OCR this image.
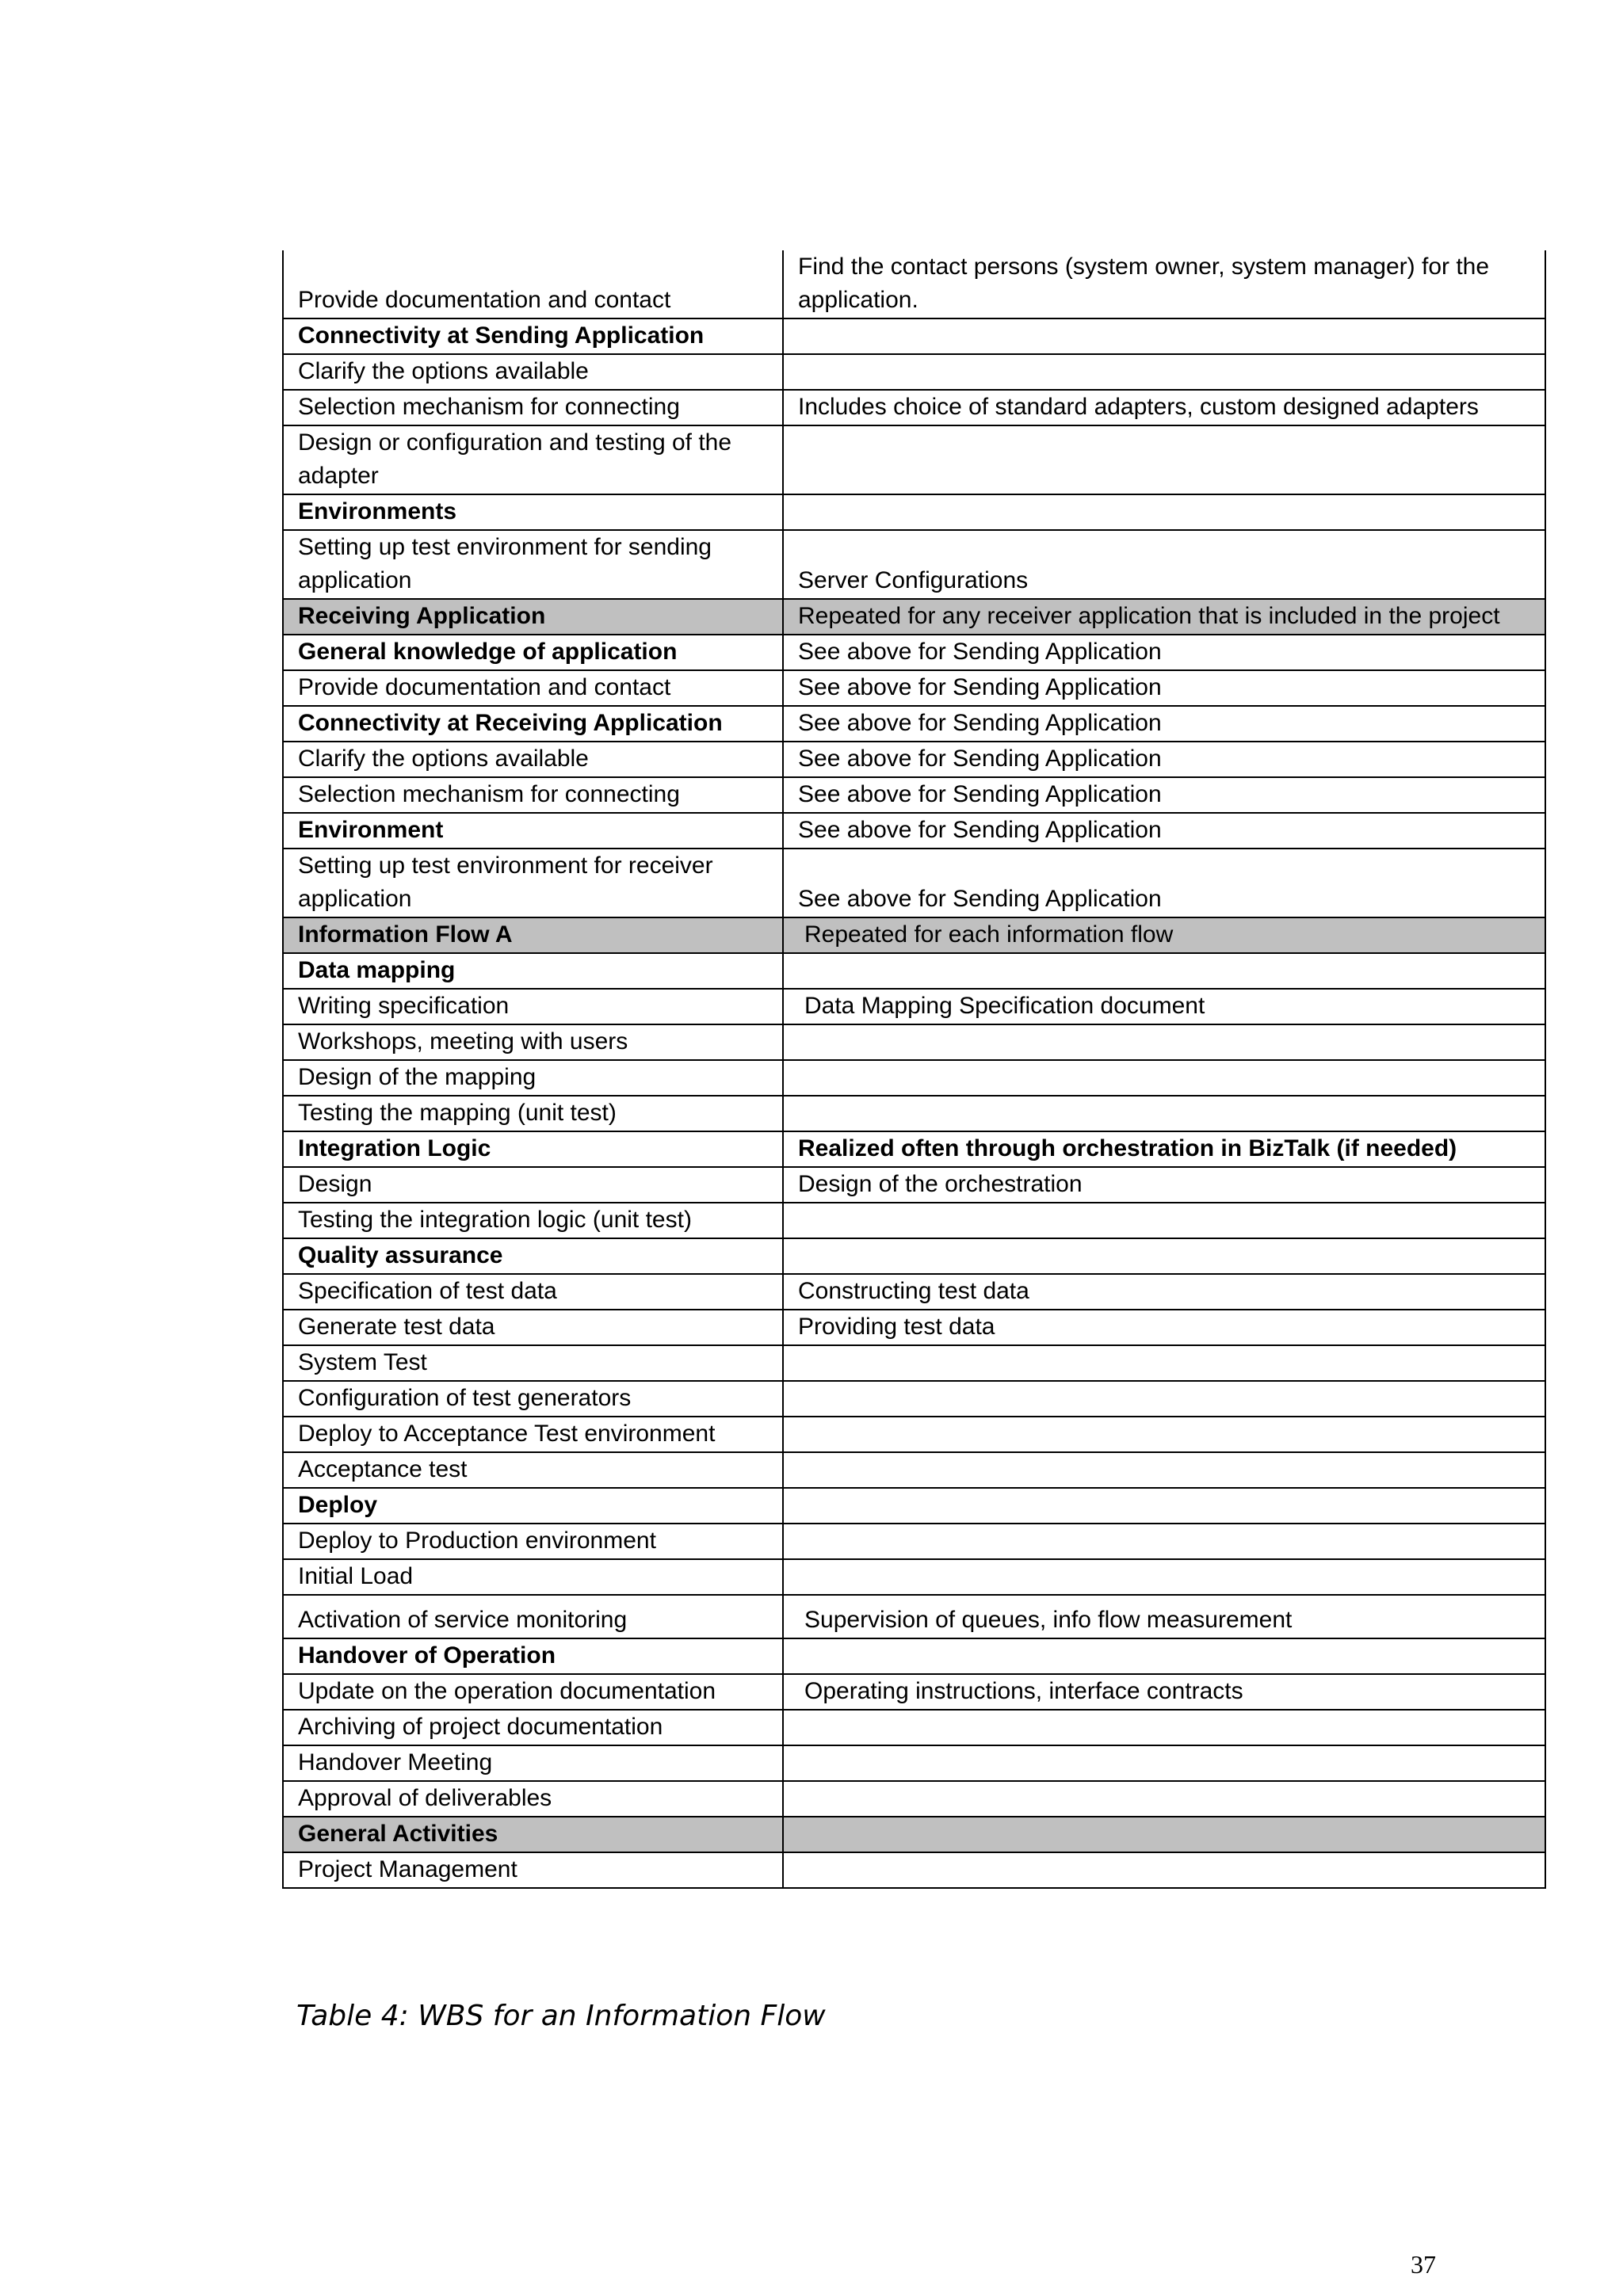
Provide documentation and contact	Find the contact persons (system owner, system manager) for the application.
Connectivity at Sending Application	
Clarify the options available	
Selection mechanism for connecting	Includes choice of standard adapters, custom designed adapters
Design or configuration and testing of the adapter	
Environments	
Setting up test environment for sending application	Server Configurations
Receiving Application	Repeated for any receiver application that is included in the project
General knowledge of application	See above for Sending Application
Provide documentation and contact	See above for Sending Application
Connectivity at Receiving Application	See above for Sending Application
Clarify the options available	See above for Sending Application
Selection mechanism for connecting	See above for Sending Application
Environment	See above for Sending Application
Setting up test environment for receiver application	See above for Sending Application
Information Flow A	Repeated for each information flow
Data mapping	
Writing specification	Data Mapping Specification document
Workshops, meeting with users	
Design of the mapping	
Testing the mapping (unit test)	
Integration Logic	Realized often through orchestration in BizTalk (if needed)
Design	Design of the orchestration
Testing the integration logic (unit test)	
Quality assurance	
Specification of test data	Constructing test data
Generate test data	Providing test data
System Test	
Configuration of test generators	
Deploy to Acceptance Test environment	
Acceptance test	
Deploy	
Deploy to Production environment	
Initial Load	
Activation of service monitoring	Supervision of queues, info flow measurement
Handover of Operation	
Update on the operation documentation	Operating instructions, interface contracts
Archiving of project documentation	
Handover Meeting	
Approval of deliverables	
General Activities	
Project Management	

Table 4: WBS for an Information Flow

37
